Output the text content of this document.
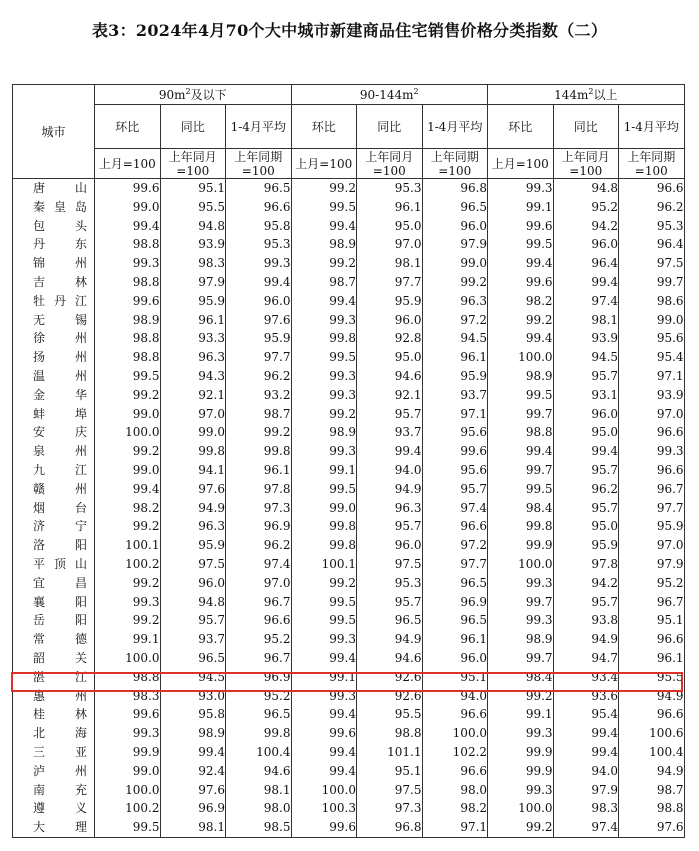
表3：2024年4月70个大中城市新建商品住宅销售价格分类指数（二）
城市	$90m^2$及以下			$90-144m^2$			$144m^2$以上		
	环比	同比	1-4月平均	环比	同比	1-4月平均	环比	同比	1-4月平均
	上月=100	上年同月=100	上年同期=100	上月=100	上年同月=100	上年同期=100	上月=100	上年同月=100	上年同期=100
唐山	99.6	95.1	96.5	99.2	95.3	96.8	99.3	94.8	96.6
秦皇岛	99.0	95.5	96.6	99.5	96.1	96.5	99.1	95.2	96.2
包头	99.4	94.8	95.8	99.4	95.0	96.0	99.6	94.2	95.3
丹东	98.8	93.9	95.3	98.9	97.0	97.9	99.5	96.0	96.4
锦州	99.3	98.3	99.3	99.2	98.1	99.0	99.4	96.4	97.5
吉林	98.8	97.9	99.4	98.7	97.7	99.2	99.6	99.4	99.7
牡丹江	99.6	95.9	96.0	99.4	95.9	96.3	98.2	97.4	98.6
无锡	98.9	96.1	97.6	99.3	96.0	97.2	99.2	98.1	99.0
徐州	98.8	93.3	95.9	99.8	92.8	94.5	99.4	93.9	95.6
扬州	98.8	96.3	97.7	99.5	95.0	96.1	100.0	94.5	95.4
温州	99.5	94.3	96.2	99.3	94.6	95.9	98.9	95.7	97.1
金华	99.2	92.1	93.2	99.3	92.1	93.7	99.5	93.1	93.9
蚌埠	99.0	97.0	98.7	99.2	95.7	97.1	99.7	96.0	97.0
安庆	100.0	99.0	99.2	98.9	93.7	95.6	98.8	95.0	96.6
泉州	99.2	99.8	99.8	99.3	99.4	99.6	99.4	99.4	99.3
九江	99.0	94.1	96.1	99.1	94.0	95.6	99.7	95.7	96.6
赣州	99.4	97.6	97.8	99.5	94.9	95.7	99.5	96.2	96.7
烟台	98.2	94.9	97.3	99.0	96.3	97.4	98.4	95.7	97.7
济宁	99.2	96.3	96.9	99.8	95.7	96.6	99.8	95.0	95.9
洛阳	100.1	95.9	96.2	99.8	96.0	97.2	99.9	95.9	97.0
平顶山	100.2	97.5	97.4	100.1	97.5	97.7	100.0	97.8	97.9
宜昌	99.2	96.0	97.0	99.2	95.3	96.5	99.3	94.2	95.2
襄阳	99.3	94.8	96.7	99.5	95.7	96.9	99.7	95.7	96.7
岳阳	99.2	95.7	96.6	99.5	96.5	96.5	99.3	93.8	95.1
常德	99.1	93.7	95.2	99.3	94.9	96.1	98.9	94.9	96.6
韶关	100.0	96.5	96.7	99.4	94.6	96.0	99.7	94.7	96.1
湛江	98.8	94.5	96.9	99.1	92.6	95.1	98.4	93.4	95.5
惠州	98.3	93.0	95.2	99.3	92.6	94.0	99.2	93.6	94.9
桂林	99.6	95.8	96.5	99.4	95.5	96.6	99.1	95.4	96.6
北海	99.3	98.9	99.8	99.6	98.8	100.0	99.3	99.4	100.6
三亚	99.9	99.4	100.4	99.4	101.1	102.2	99.9	99.4	100.4
泸州	99.0	92.4	94.6	99.4	95.1	96.6	99.9	94.0	94.9
南充	100.0	97.6	98.1	100.0	97.5	98.0	99.3	97.9	98.7
遵义	100.2	96.9	98.0	100.3	97.3	98.2	100.0	98.3	98.8
大理	99.5	98.1	98.5	99.6	96.8	97.1	99.2	97.4	97.6
